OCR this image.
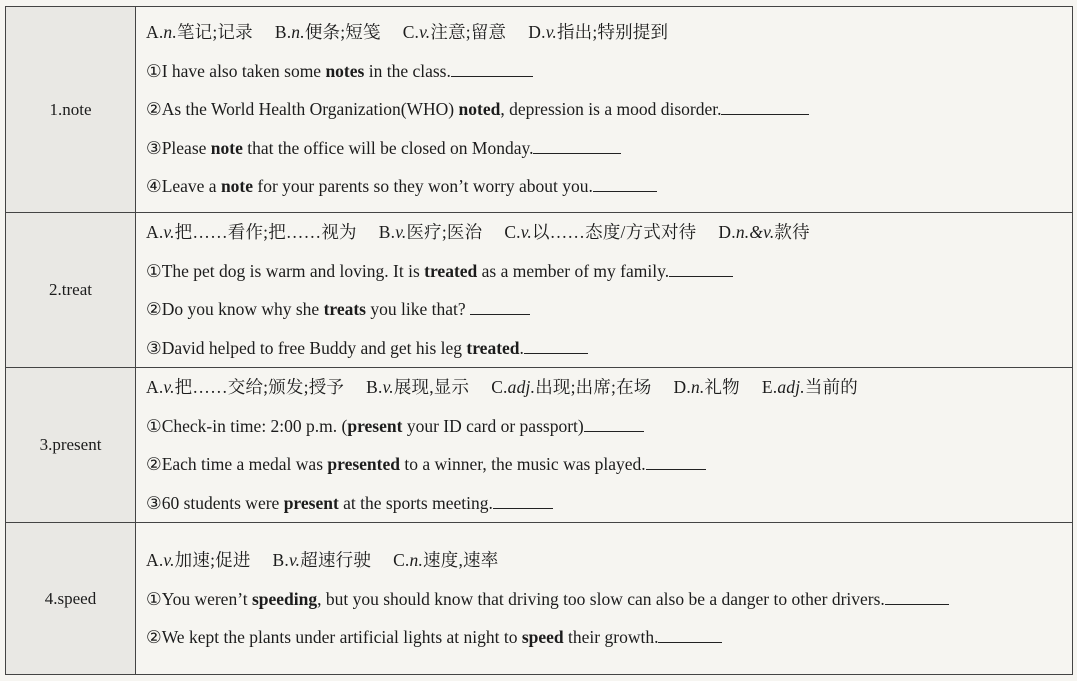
1.note	A.n.笔记;记录 B.n.便条;短笺 C.v.注意;留意 D.v.指出;特别提到
①I have also taken some notes in the class.
②As the World Health Organization(WHO) noted, depression is a mood disorder.
③Please note that the office will be closed on Monday.
④Leave a note for your parents so they won’t worry about you.

2.treat	A.v.把……看作;把……视为 B.v.医疗;医治 C.v.以……态度/方式对待 D.n.&v.款待
①The pet dog is warm and loving. It is treated as a member of my family.
②Do you know why she treats you like that?
③David helped to free Buddy and get his leg treated.

3.present	A.v.把……交给;颁发;授予 B.v.展现,显示 C.adj.出现;出席;在场 D.n.礼物 E.adj.当前的
①Check-in time: 2:00 p.m. (present your ID card or passport)
②Each time a medal was presented to a winner, the music was played.
③60 students were present at the sports meeting.

4.speed	A.v.加速;促进 B.v.超速行驶 C.n.速度,速率
①You weren’t speeding, but you should know that driving too slow can also be a danger to other drivers.
②We kept the plants under artificial lights at night to speed their growth.
